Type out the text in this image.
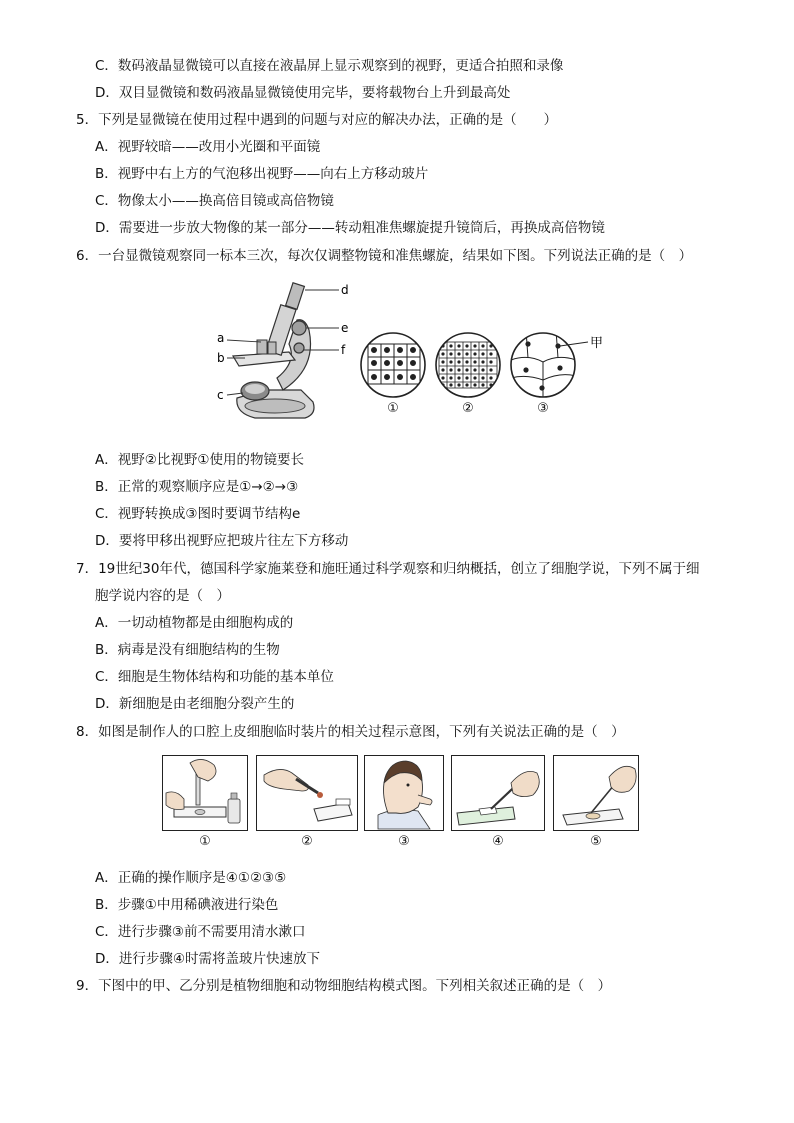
C．数码液晶显微镜可以直接在液晶屏上显示观察到的视野，更适合拍照和录像
D．双目显微镜和数码液晶显微镜使用完毕，要将载物台上升到最高处
5．下列是显微镜在使用过程中遇到的问题与对应的解决办法，正确的是（　　）
A．视野较暗——改用小光圈和平面镜
B．视野中右上方的气泡移出视野——向右上方移动玻片
C．物像太小——换高倍目镜或高倍物镜
D．需要进一步放大物像的某一部分——转动粗准焦螺旋提升镜筒后，再换成高倍物镜
6．一台显微镜观察同一标本三次，每次仅调整物镜和准焦螺旋，结果如下图。下列说法正确的是（　）
a
b
c
d
e
f	甲
①	②	③
A．视野②比视野①使用的物镜要长
B．正常的观察顺序应是①→②→③
C．视野转换成③图时要调节结构e
D．要将甲移出视野应把玻片往左下方移动
7．19世纪30年代，德国科学家施莱登和施旺通过科学观察和归纳概括，创立了细胞学说，下列不属于细
胞学说内容的是（　）
A．一切动植物都是由细胞构成的
B．病毒是没有细胞结构的生物
C．细胞是生物体结构和功能的基本单位
D．新细胞是由老细胞分裂产生的
8．如图是制作人的口腔上皮细胞临时装片的相关过程示意图，下列有关说法正确的是（　）
①	②	③	④	⑤
A．正确的操作顺序是④①②③⑤
B．步骤①中用稀碘液进行染色
C．进行步骤③前不需要用清水漱口
D．进行步骤④时需将盖玻片快速放下
9．下图中的甲、乙分别是植物细胞和动物细胞结构模式图。下列相关叙述正确的是（　）
